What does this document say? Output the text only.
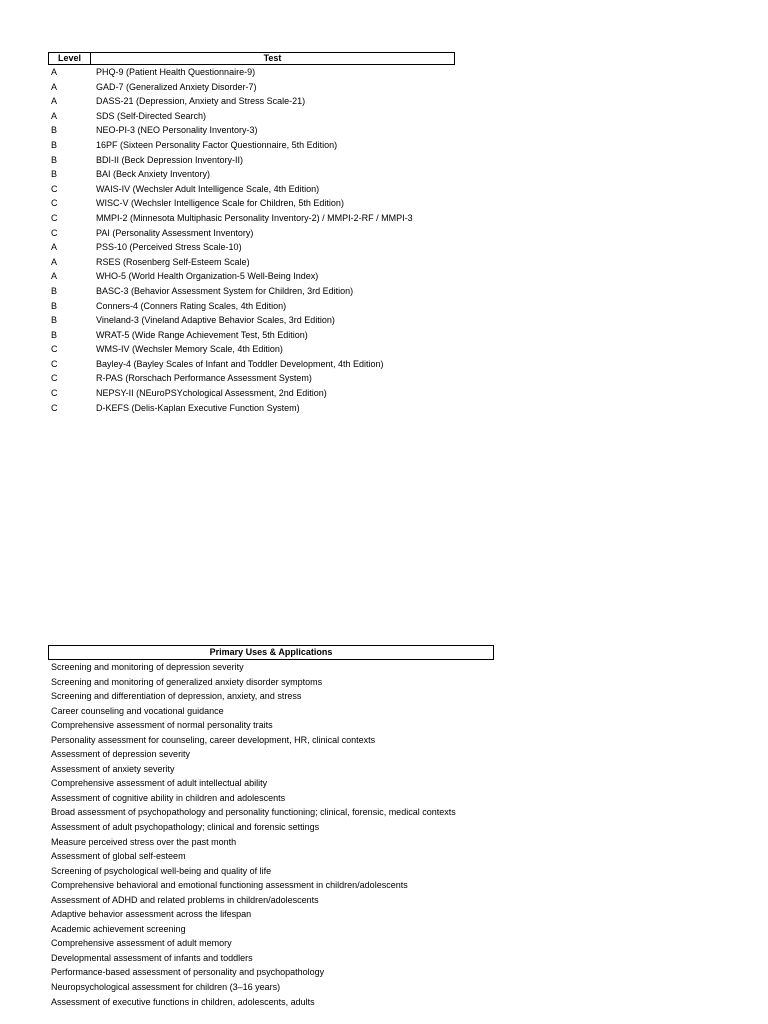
Level	Test
A	PHQ-9 (Patient Health Questionnaire-9)
A	GAD-7 (Generalized Anxiety Disorder-7)
A	DASS-21 (Depression, Anxiety and Stress Scale-21)
A	SDS (Self-Directed Search)
B	NEO-PI-3 (NEO Personality Inventory-3)
B	16PF (Sixteen Personality Factor Questionnaire, 5th Edition)
B	BDI-II (Beck Depression Inventory-II)
B	BAI (Beck Anxiety Inventory)
C	WAIS-IV (Wechsler Adult Intelligence Scale, 4th Edition)
C	WISC-V (Wechsler Intelligence Scale for Children, 5th Edition)
C	MMPI-2 (Minnesota Multiphasic Personality Inventory-2) / MMPI-2-RF / MMPI-3
C	PAI (Personality Assessment Inventory)
A	PSS-10 (Perceived Stress Scale-10)
A	RSES (Rosenberg Self-Esteem Scale)
A	WHO-5 (World Health Organization-5 Well-Being Index)
B	BASC-3 (Behavior Assessment System for Children, 3rd Edition)
B	Conners-4 (Conners Rating Scales, 4th Edition)
B	Vineland-3 (Vineland Adaptive Behavior Scales, 3rd Edition)
B	WRAT-5 (Wide Range Achievement Test, 5th Edition)
C	WMS-IV (Wechsler Memory Scale, 4th Edition)
C	Bayley-4 (Bayley Scales of Infant and Toddler Development, 4th Edition)
C	R-PAS (Rorschach Performance Assessment System)
C	NEPSY-II (NEuroPSYchological Assessment, 2nd Edition)
C	D-KEFS (Delis-Kaplan Executive Function System)
Primary Uses & Applications
Screening and monitoring of depression severity
Screening and monitoring of generalized anxiety disorder symptoms
Screening and differentiation of depression, anxiety, and stress
Career counseling and vocational guidance
Comprehensive assessment of normal personality traits
Personality assessment for counseling, career development, HR, clinical contexts
Assessment of depression severity
Assessment of anxiety severity
Comprehensive assessment of adult intellectual ability
Assessment of cognitive ability in children and adolescents
Broad assessment of psychopathology and personality functioning; clinical, forensic, medical contexts
Assessment of adult psychopathology; clinical and forensic settings
Measure perceived stress over the past month
Assessment of global self-esteem
Screening of psychological well-being and quality of life
Comprehensive behavioral and emotional functioning assessment in children/adolescents
Assessment of ADHD and related problems in children/adolescents
Adaptive behavior assessment across the lifespan
Academic achievement screening
Comprehensive assessment of adult memory
Developmental assessment of infants and toddlers
Performance-based assessment of personality and psychopathology
Neuropsychological assessment for children (3–16 years)
Assessment of executive functions in children, adolescents, adults
